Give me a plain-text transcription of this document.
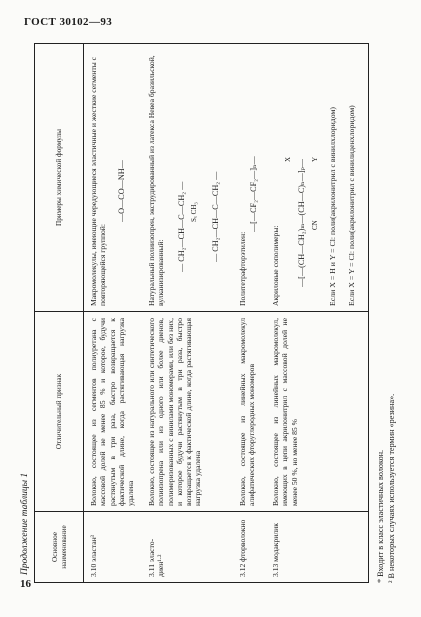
ГОСТ 30102—93
16
Продолжение таблицы 1	Основное наименование
Отличительный признак
Примеры химической формулы
3.10 эластан³
Волокно, состоящее из сегментов полиуретана с массовой долей не менее 85 % и которое, будучи растянутым в три раза, быстро возвращается к фактической длине, когда растягивающая нагрузка удалена
Макромолекулы, имеющие чередующиеся эластичные и жесткие сегменты с повторяющейся группой:
—O—CO—NH—
3.11 эласто-диен¹·²
Волокно, состоящее из натурального или синтетического полиизопрена или из одного или более диенов, полимеризованных с винилами мономерами, или без них, и которое будучи растянутым в три раза, быстро возвращается к фактической длине, когда растягивающая нагрузка удалена
Натуральный полиизопрен, экструдированный из латекса Невеа бразильской, вулканизированный:
— CH₂—CH—C—CH₂ — Sₓ CH₃ — CH₂—CH—C—CH₂ —
3.12 фторволокно
Волокно, состоящее из линейных макромолекул алифатических фторуглеродных мономеров
Политетрафторэтилен:
—[—CF₂—CF₂—]ₙ—
3.13 модакрилик
Волокно, состоящее из линейных макромолекул, имеющих в цепи акрилонитрил с массовой долей не менее 50 %, но менее 85 %
Акриловые сополимеры:
X —[—(CH—CH₂)ₘ—(CH—C)ₙ—]ₚ— CN
Y Если X = H и Y = Cl: поли(акрилонитрил с винилхлоридом) Если X = Y = Cl: поли(акрилонитрил с винилиденхлоридом)
* Входит в класс эластичных волокон. ² В некоторых случаях используется термин «резина».
